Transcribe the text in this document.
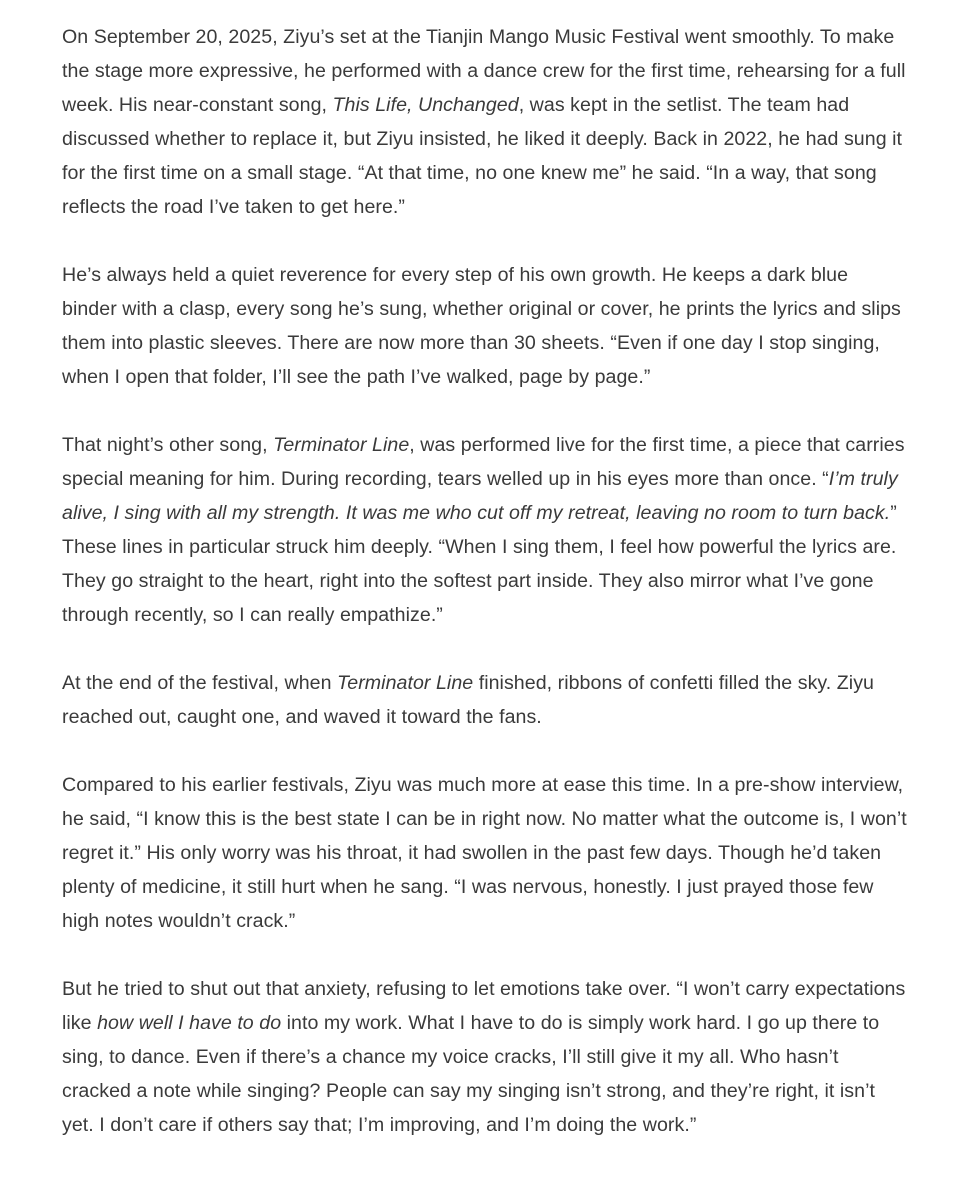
On September 20, 2025, Ziyu’s set at the Tianjin Mango Music Festival went smoothly. To make the stage more expressive, he performed with a dance crew for the first time, rehearsing for a full week. His near-constant song, This Life, Unchanged, was kept in the setlist. The team had discussed whether to replace it, but Ziyu insisted, he liked it deeply. Back in 2022, he had sung it for the first time on a small stage. “At that time, no one knew me” he said. “In a way, that song reflects the road I’ve taken to get here.”

He’s always held a quiet reverence for every step of his own growth. He keeps a dark blue binder with a clasp, every song he’s sung, whether original or cover, he prints the lyrics and slips them into plastic sleeves. There are now more than 30 sheets. “Even if one day I stop singing, when I open that folder, I’ll see the path I’ve walked, page by page.”

That night’s other song, Terminator Line, was performed live for the first time, a piece that carries special meaning for him. During recording, tears welled up in his eyes more than once. “I’m truly alive, I sing with all my strength. It was me who cut off my retreat, leaving no room to turn back.” These lines in particular struck him deeply. “When I sing them, I feel how powerful the lyrics are. They go straight to the heart, right into the softest part inside. They also mirror what I’ve gone through recently, so I can really empathize.”

At the end of the festival, when Terminator Line finished, ribbons of confetti filled the sky. Ziyu reached out, caught one, and waved it toward the fans.

Compared to his earlier festivals, Ziyu was much more at ease this time. In a pre-show interview, he said, “I know this is the best state I can be in right now. No matter what the outcome is, I won’t regret it.” His only worry was his throat, it had swollen in the past few days. Though he’d taken plenty of medicine, it still hurt when he sang. “I was nervous, honestly. I just prayed those few high notes wouldn’t crack.”

But he tried to shut out that anxiety, refusing to let emotions take over. “I won’t carry expectations like how well I have to do into my work. What I have to do is simply work hard. I go up there to sing, to dance. Even if there’s a chance my voice cracks, I’ll still give it my all. Who hasn’t cracked a note while singing? People can say my singing isn’t strong, and they’re right, it isn’t yet. I don’t care if others say that; I’m improving, and I’m doing the work.”
